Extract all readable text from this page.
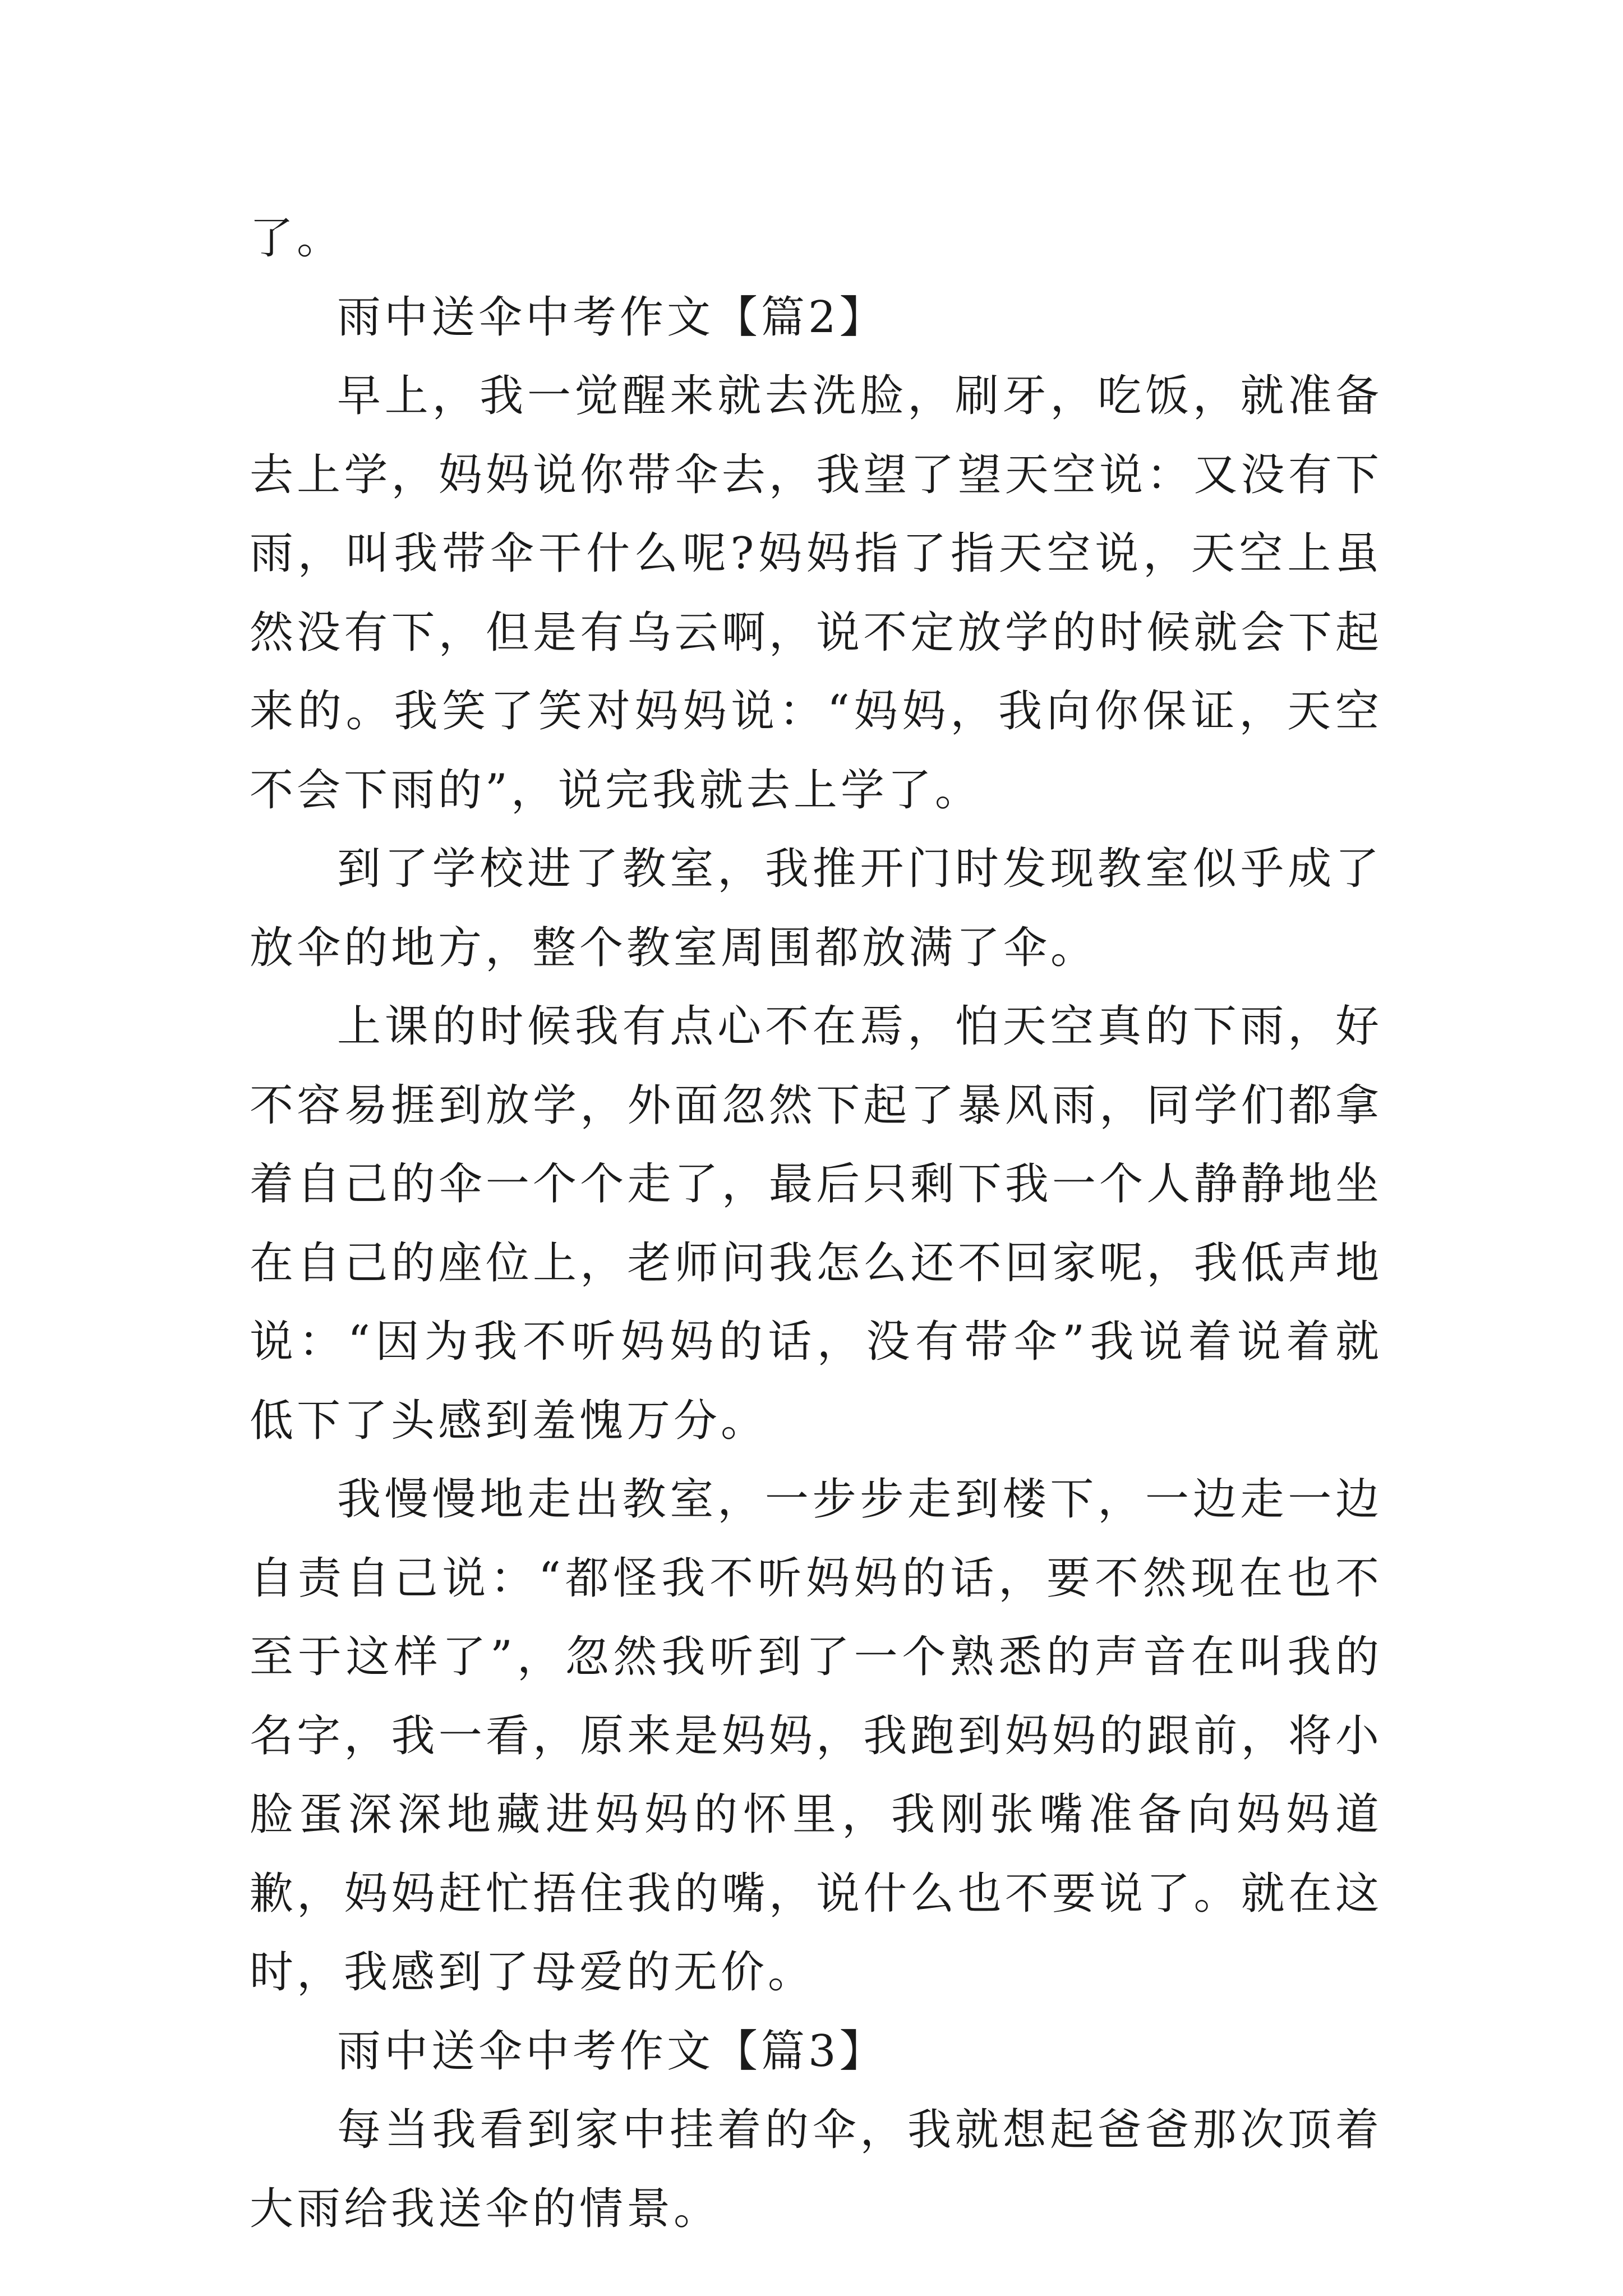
了。

雨中送伞中考作文【篇2】

早上，我一觉醒来就去洗脸，刷牙，吃饭，就准备去上学，妈妈说你带伞去，我望了望天空说：又没有下雨，叫我带伞干什么呢?妈妈指了指天空说，天空上虽然没有下，但是有乌云啊，说不定放学的时候就会下起来的。我笑了笑对妈妈说：“妈妈，我向你保证，天空不会下雨的”，说完我就去上学了。

到了学校进了教室，我推开门时发现教室似乎成了放伞的地方，整个教室周围都放满了伞。

上课的时候我有点心不在焉，怕天空真的下雨，好不容易捱到放学，外面忽然下起了暴风雨，同学们都拿着自己的伞一个个走了，最后只剩下我一个人静静地坐在自己的座位上，老师问我怎么还不回家呢，我低声地说：“因为我不听妈妈的话，没有带伞”我说着说着就低下了头感到羞愧万分。

我慢慢地走出教室，一步步走到楼下，一边走一边自责自己说：“都怪我不听妈妈的话，要不然现在也不至于这样了”，忽然我听到了一个熟悉的声音在叫我的名字，我一看，原来是妈妈，我跑到妈妈的跟前，将小脸蛋深深地藏进妈妈的怀里，我刚张嘴准备向妈妈道歉，妈妈赶忙捂住我的嘴，说什么也不要说了。就在这时，我感到了母爱的无价。

雨中送伞中考作文【篇3】

每当我看到家中挂着的伞，我就想起爸爸那次顶着大雨给我送伞的情景。
